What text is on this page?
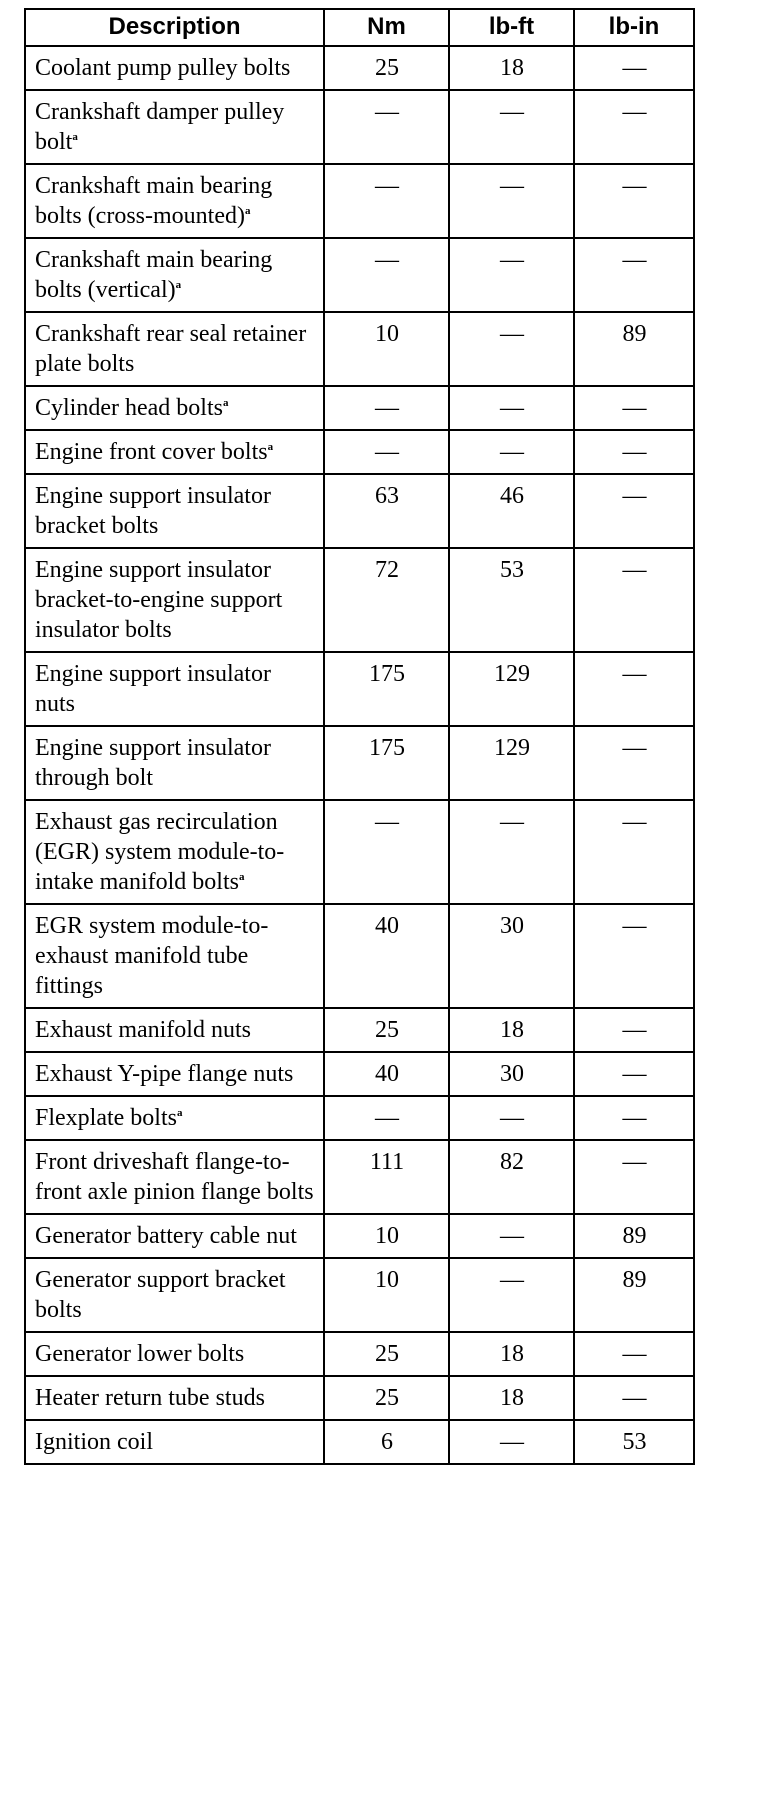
Description	Nm	lb-ft	lb-in
Coolant pump pulley bolts	25	18	—
Crankshaft damper pulley bolt$^a$	—	—	—
Crankshaft main bearing bolts (cross-mounted)$^a$	—	—	—
Crankshaft main bearing bolts (vertical)$^a$	—	—	—
Crankshaft rear seal retainer plate bolts	10	—	89
Cylinder head bolts$^a$	—	—	—
Engine front cover bolts$^a$	—	—	—
Engine support insulator bracket bolts	63	46	—
Engine support insulator bracket-to-engine support insulator bolts	72	53	—
Engine support insulator nuts	175	129	—
Engine support insulator through bolt	175	129	—
Exhaust gas recirculation (EGR) system module-to-intake manifold bolts$^a$	—	—	—
EGR system module-to-exhaust manifold tube fittings	40	30	—
Exhaust manifold nuts	25	18	—
Exhaust Y-pipe flange nuts	40	30	—
Flexplate bolts$^a$	—	—	—
Front driveshaft flange-to-front axle pinion flange bolts	111	82	—
Generator battery cable nut	10	—	89
Generator support bracket bolts	10	—	89
Generator lower bolts	25	18	—
Heater return tube studs	25	18	—
Ignition coil	6	—	53
